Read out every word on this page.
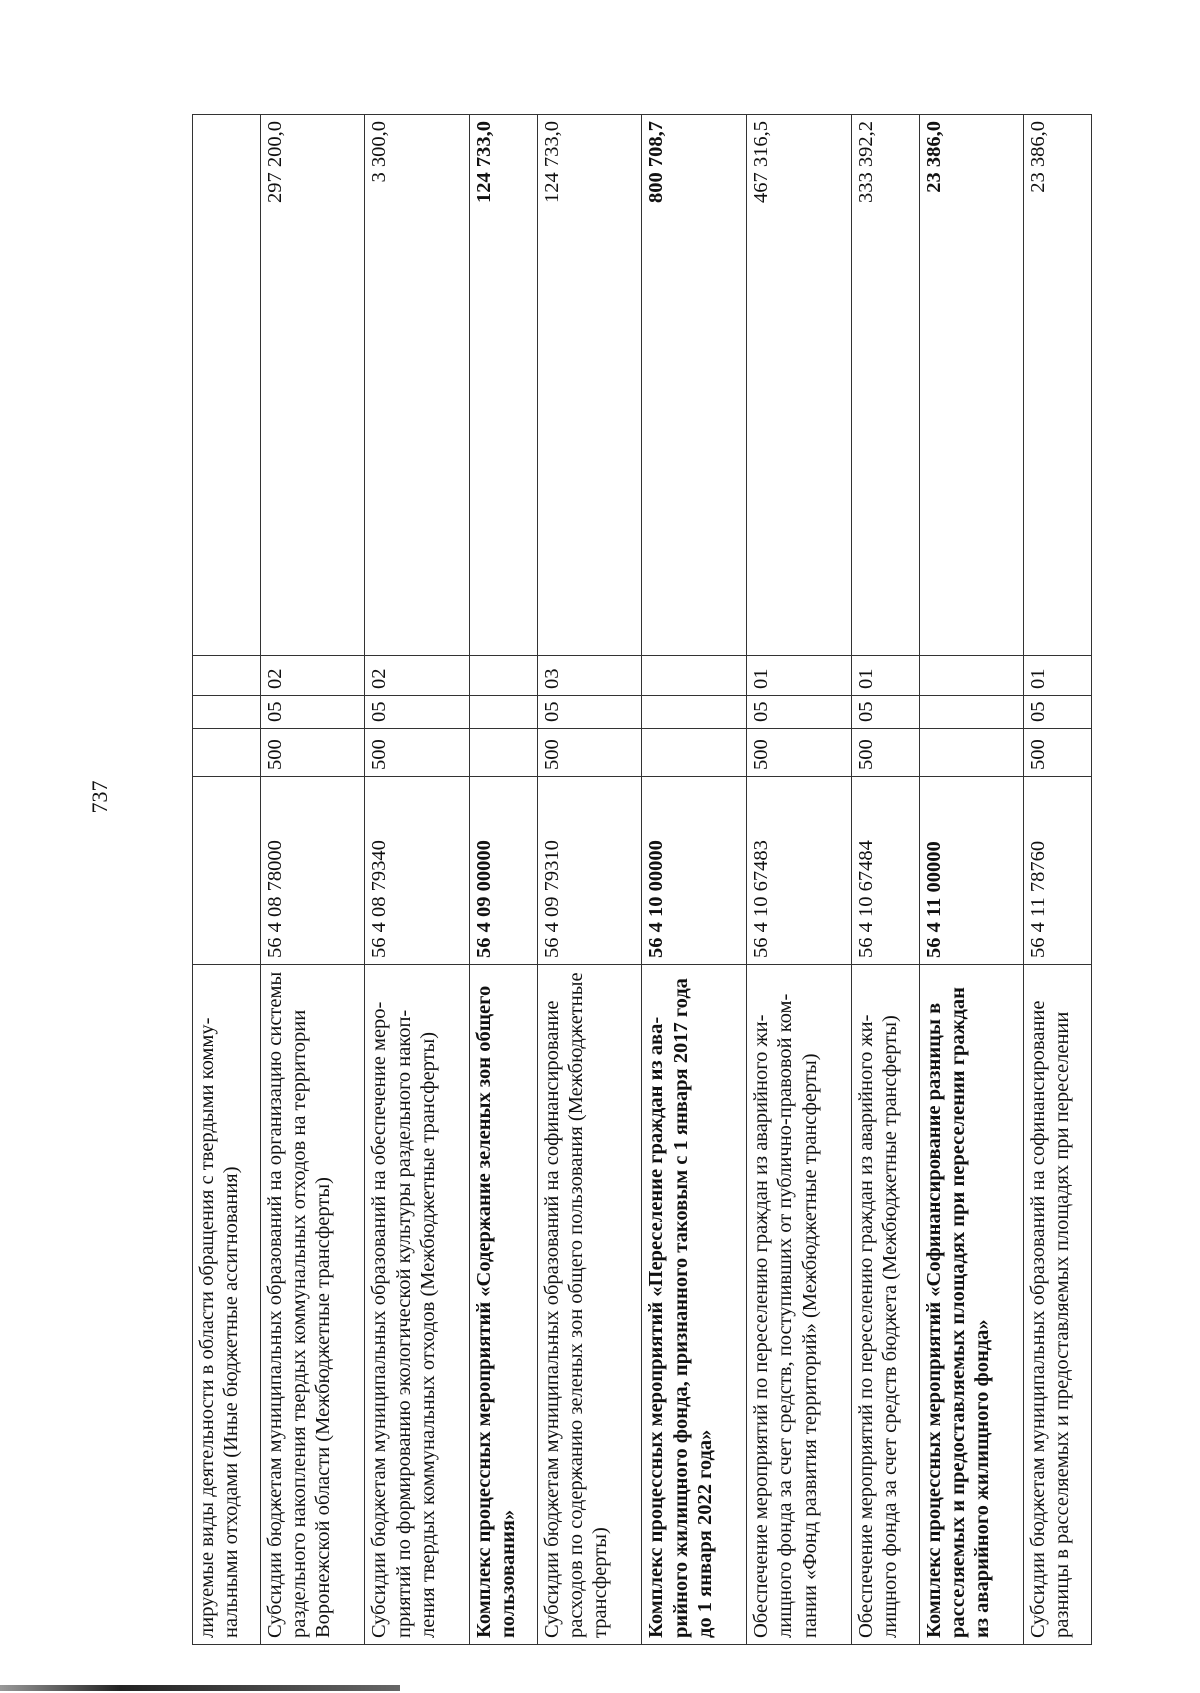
737
лируемые виды деятельности в области обращения с твердыми коммунальными отходами (Иные бюджетные ассигнования)					
Субсидии бюджетам муниципальных образований на организацию системы раздельного накопления твердых коммунальных отходов на территории Воронежской области (Межбюджетные трансферты)	56 4 08 78000	500	05	02	297 200,0
Субсидии бюджетам муниципальных образований на обеспечение мероприятий по формированию экологической культуры раздельного накопления твердых коммунальных отходов (Межбюджетные трансферты)	56 4 08 79340	500	05	02	3 300,0
Комплекс процессных мероприятий «Содержание зеленых зон общего пользования»	56 4 09 00000				124 733,0
Субсидии бюджетам муниципальных образований на софинансирование расходов по содержанию зеленых зон общего пользования (Межбюджетные трансферты)	56 4 09 79310	500	05	03	124 733,0
Комплекс процессных мероприятий «Переселение граждан из аварийного жилищного фонда, признанного таковым с 1 января 2017 года до 1 января 2022 года»	56 4 10 00000				800 708,7
Обеспечение мероприятий по переселению граждан из аварийного жилищного фонда за счет средств, поступивших от публично-правовой компании «Фонд развития территорий» (Межбюджетные трансферты)	56 4 10 67483	500	05	01	467 316,5
Обеспечение мероприятий по переселению граждан из аварийного жилищного фонда за счет средств бюджета (Межбюджетные трансферты)	56 4 10 67484	500	05	01	333 392,2
Комплекс процессных мероприятий «Софинансирование разницы в расселяемых и предоставляемых площадях при переселении граждан из аварийного жилищного фонда»	56 4 11 00000				23 386,0
Субсидии бюджетам муниципальных образований на софинансирование разницы в расселяемых и предоставляемых площадях при переселении	56 4 11 78760	500	05	01	23 386,0
